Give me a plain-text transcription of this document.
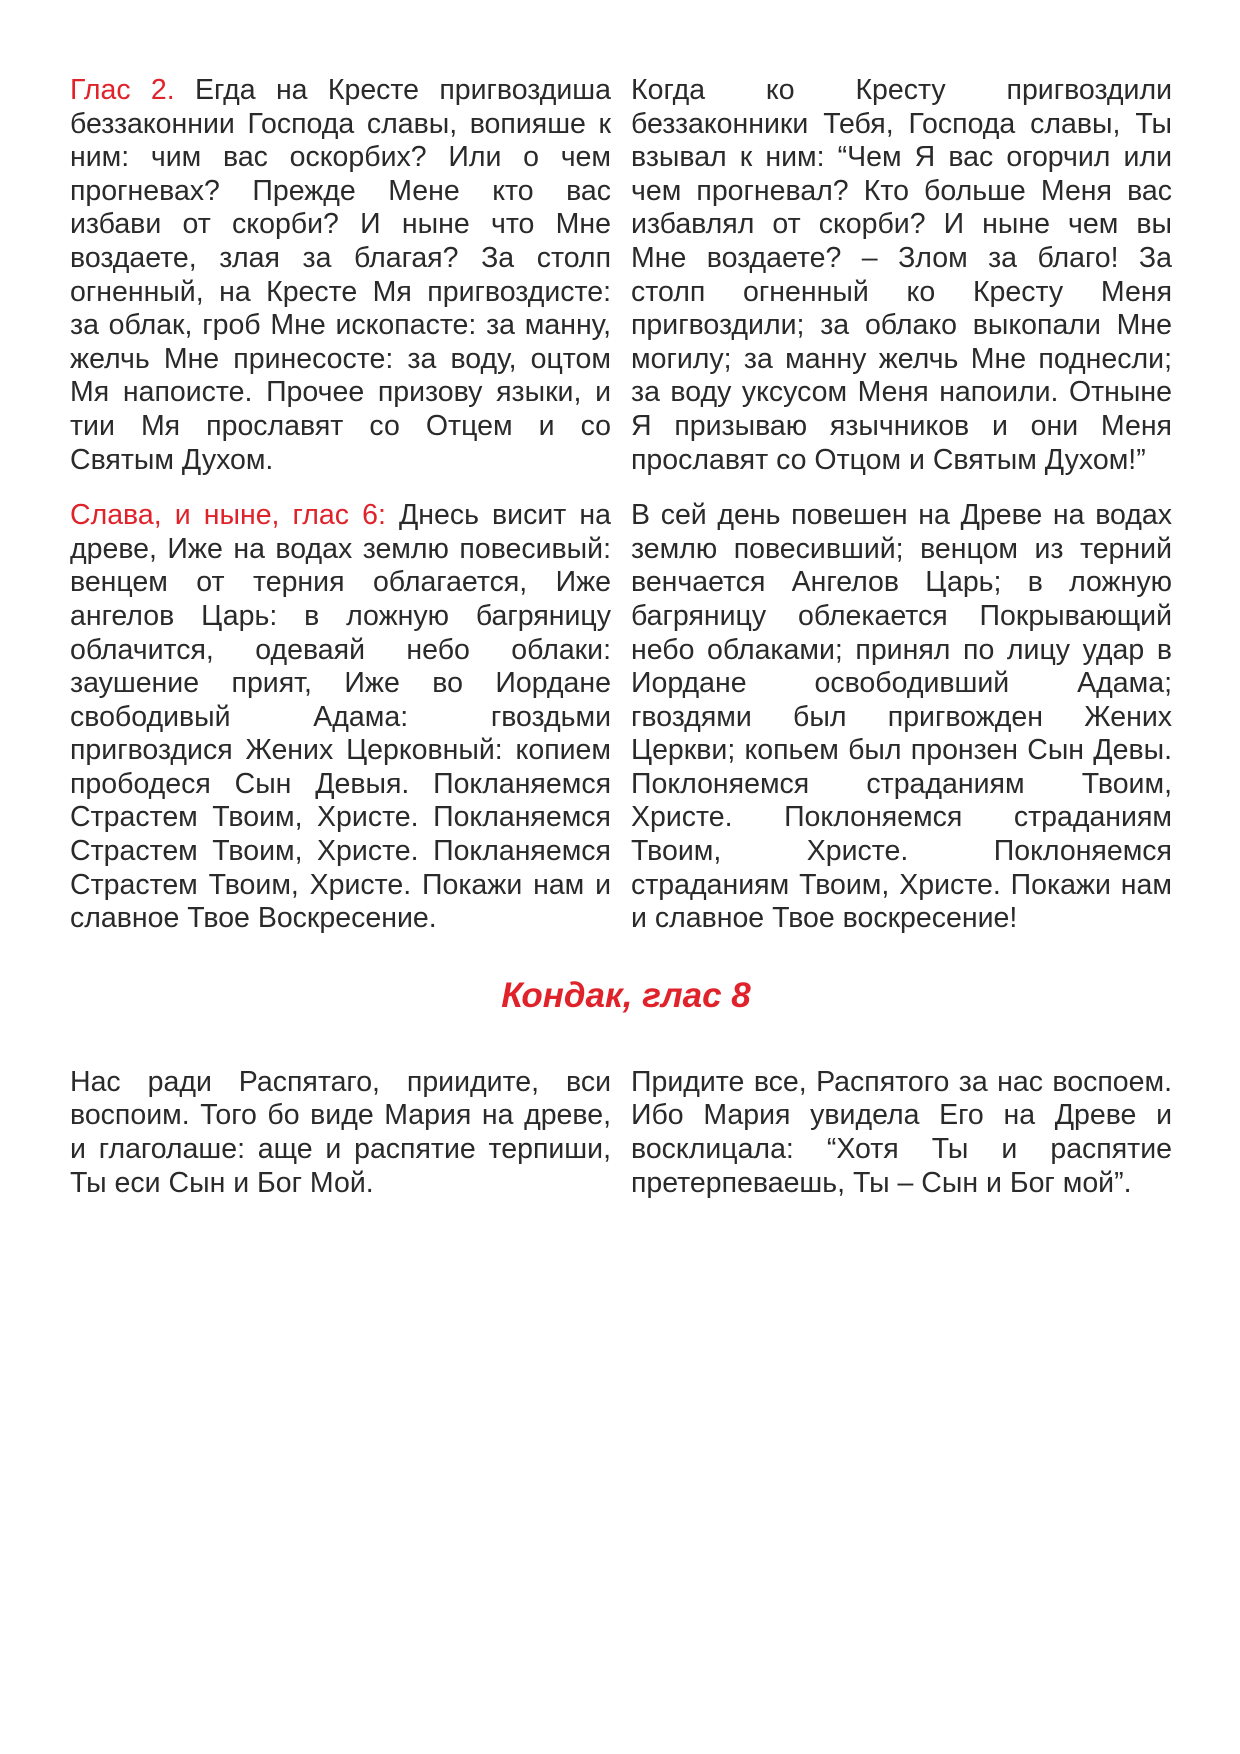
Глас 2. Егда на Кресте пригвоздиша беззаконнии Господа славы, вопияше к ним: чим вас оскорбих? Или о чем прогневах? Прежде Мене кто вас избави от скорби? И ныне что Мне воздаете, злая за благая? За столп огненный, на Кресте Мя пригвоздисте: за облак, гроб Мне ископасте: за манну, желчь Мне принесосте: за воду, оцтом Мя напоисте. Прочее призову языки, и тии Мя прославят со Отцем и со Святым Духом.

Когда ко Кресту пригвоздили беззаконники Тебя, Господа славы, Ты взывал к ним: “Чем Я вас огорчил или чем прогневал? Кто больше Меня вас избавлял от скорби? И ныне чем вы Мне воздаете? – Злом за благо! За столп огненный ко Кресту Меня пригвоздили; за облако выкопали Мне могилу; за манну желчь Мне поднесли; за воду уксусом Меня напоили. Отныне Я призываю язычников и они Меня прославят со Отцом и Святым Духом!”

Слава, и ныне, глас 6: Днесь висит на древе, Иже на водах землю повесивый: венцем от терния облагается, Иже ангелов Царь: в ложную багряницу облачится, одеваяй небо облаки: заушение прият, Иже во Иордане свободивый Адама: гвоздьми пригвоздися Жених Церковный: копием прободеся Сын Девыя. Покланяемся Страстем Твоим, Христе. Покланяемся Страстем Твоим, Христе. Покланяемся Страстем Твоим, Христе. Покажи нам и славное Твое Воскресение.

В сей день повешен на Древе на водах землю повесивший; венцом из терний венчается Ангелов Царь; в ложную багряницу облекается Покрывающий небо облаками; принял по лицу удар в Иордане освободивший Адама; гвоздями был пригвожден Жених Церкви; копьем был пронзен Сын Девы. Поклоняемся страданиям Твоим, Христе. Поклоняемся страданиям Твоим, Христе. Поклоняемся страданиям Твоим, Христе. Покажи нам и славное Твое воскресение!

Кондак, глас 8

Нас ради Распятаго, приидите, вси воспоим. Того бо виде Мария на древе, и глаголаше: аще и распятие терпиши, Ты еси Сын и Бог Мой.

Придите все, Распятого за нас воспоем. Ибо Мария увидела Его на Древе и восклицала: “Хотя Ты и распятие претерпеваешь, Ты – Сын и Бог мой”.
